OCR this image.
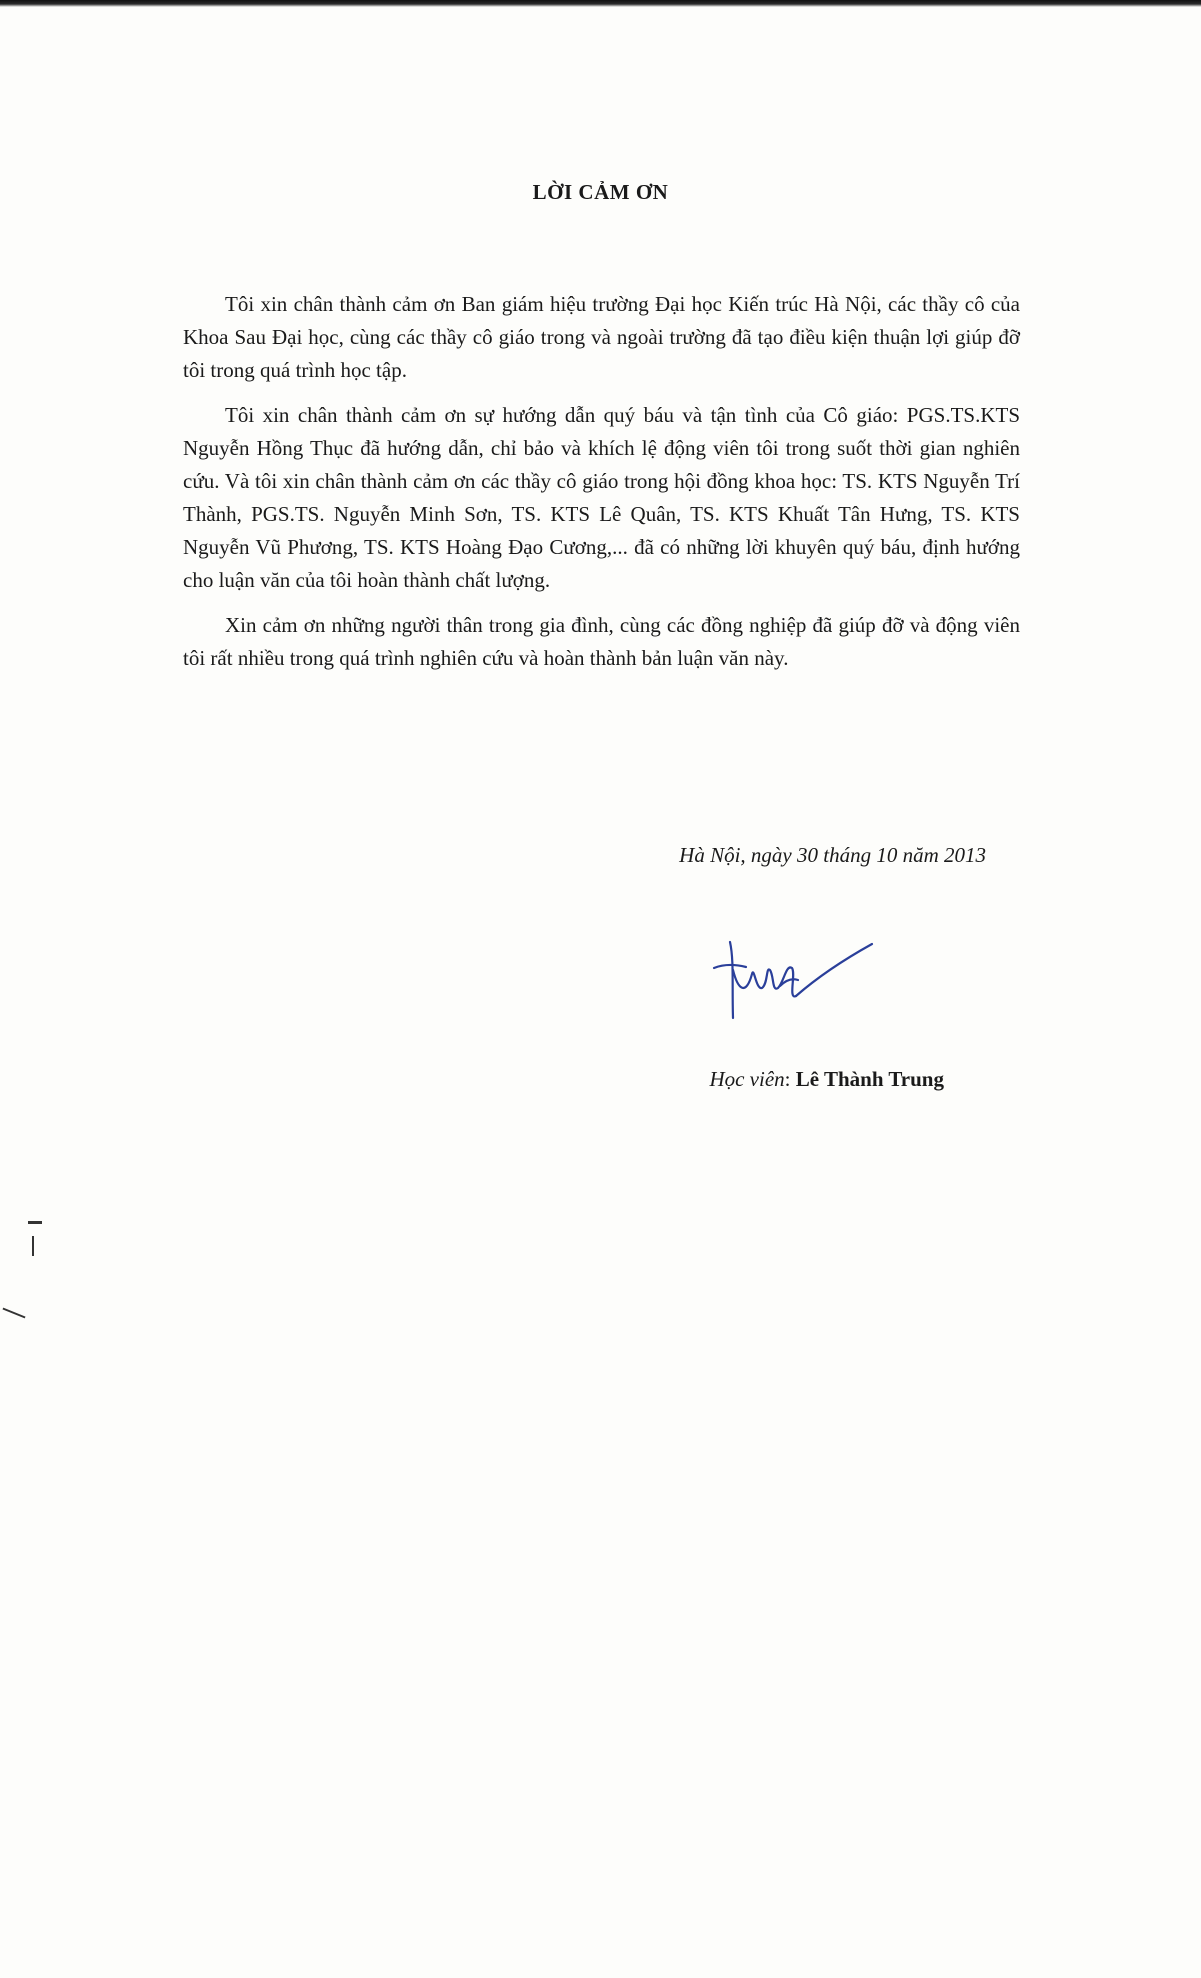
LỜI CẢM ƠN

Tôi xin chân thành cảm ơn Ban giám hiệu trường Đại học Kiến trúc Hà Nội, các thầy cô của Khoa Sau Đại học, cùng các thầy cô giáo trong và ngoài trường đã tạo điều kiện thuận lợi giúp đỡ tôi trong quá trình học tập.

Tôi xin chân thành cảm ơn sự hướng dẫn quý báu và tận tình của Cô giáo: PGS.TS.KTS Nguyễn Hồng Thục đã hướng dẫn, chỉ bảo và khích lệ động viên tôi trong suốt thời gian nghiên cứu. Và tôi xin chân thành cảm ơn các thầy cô giáo trong hội đồng khoa học: TS. KTS Nguyễn Trí Thành, PGS.TS. Nguyễn Minh Sơn, TS. KTS Lê Quân, TS. KTS Khuất Tân Hưng, TS. KTS Nguyễn Vũ Phương, TS. KTS Hoàng Đạo Cương,... đã có những lời khuyên quý báu, định hướng cho luận văn của tôi hoàn thành chất lượng.

Xin cảm ơn những người thân trong gia đình, cùng các đồng nghiệp đã giúp đỡ và động viên tôi rất nhiều trong quá trình nghiên cứu và hoàn thành bản luận văn này.

Hà Nội, ngày 30 tháng 10 năm 2013
Học viên: Lê Thành Trung
